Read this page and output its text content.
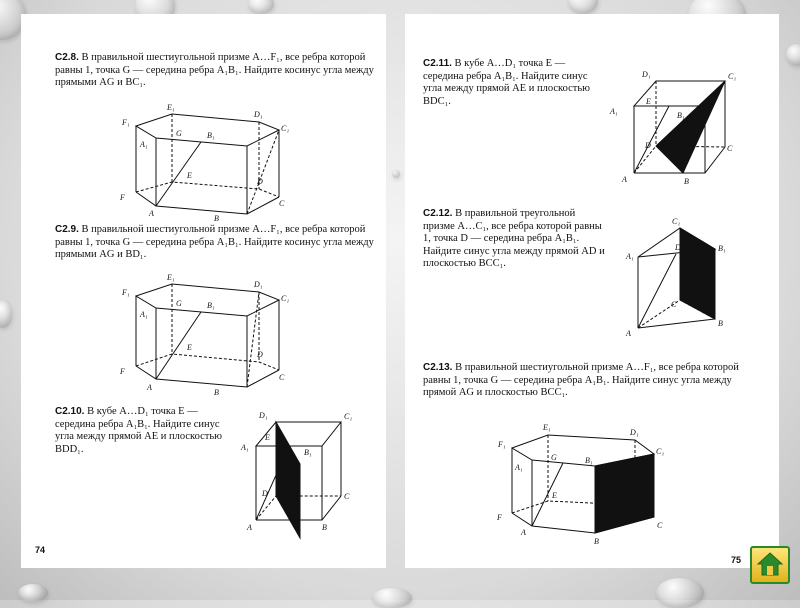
С2.8. В правильной шестиугольной призме A…F₁, все ребра которой равны 1, точка G — середина ребра A₁B₁. Найдите косинус угла между прямыми AG и BC₁.
F₁
E₁
D₁
C₁
A₁
G	B₁
F
E
D
C
A
B
С2.9. В правильной шестиугольной призме A…F₁, все ребра которой равны 1, точка G — середина ребра A₁B₁. Найдите косинус угла между прямыми AG и BD₁.
F₁
E₁
D₁
C₁
A₁
G	B₁
F
E
D
C
A
B
С2.10. В кубе A…D₁ точка E — середина ребра A₁B₁. Найдите синус угла между прямой AE и плоскостью BDD₁.
D₁	C₁
A₁
E
B₁
D	C
A	B
74
С2.11. В кубе A…D₁ точка E — середина ребра A₁B₁. Найдите синус угла между прямой AE и плоскостью BDC₁.
D₁	C₁
A₁
E
B₁
D	C
A	B
С2.12. В правильной треугольной призме A…C₁, все ребра которой равны 1, точка D — середина ребра A₁B₁. Найдите синус угла между прямой AD и плоскостью BCC₁.
C₁
A₁
D	B₁
C
A
B
С2.13. В правильной шестиугольной призме A…F₁, все ребра которой равны 1, точка G — середина ребра A₁B₁. Найдите синус угла между прямой AG и плоскостью BCC₁.
F₁
E₁
D₁
C₁
A₁
G	B₁
F
E
D
C
A
B
75
